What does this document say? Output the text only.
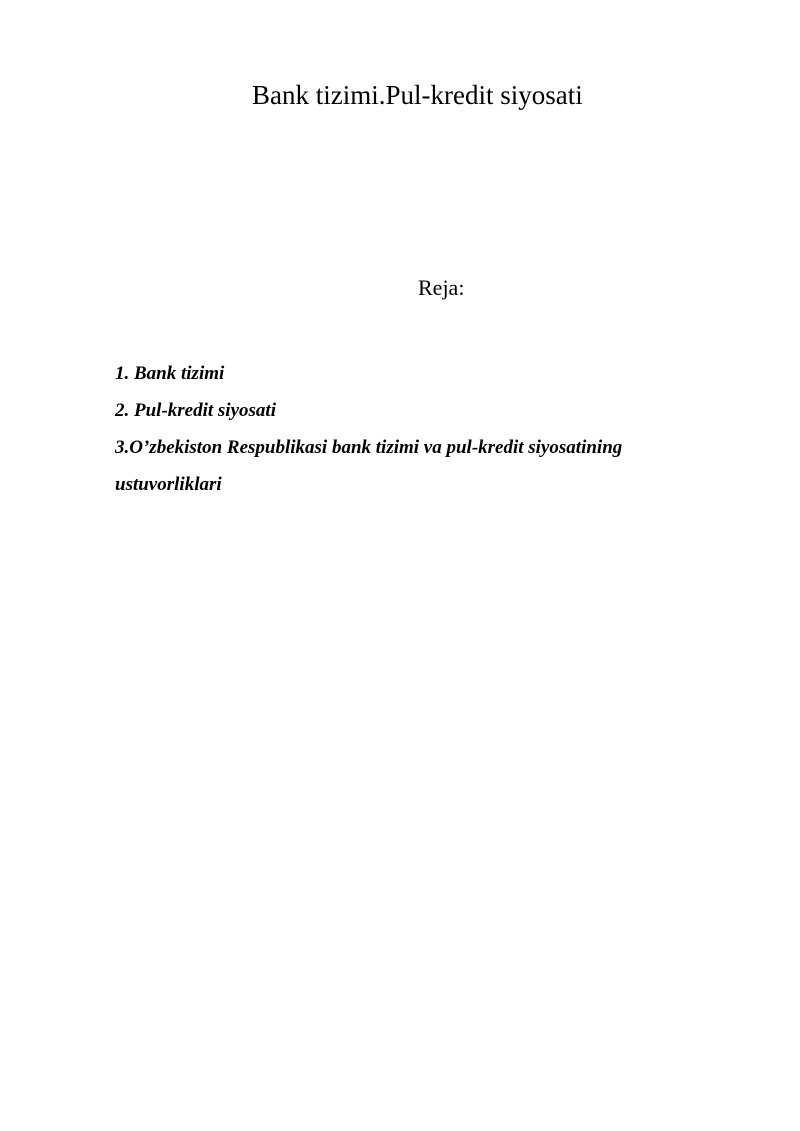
Bank tizimi.Pul-kredit siyosati
Reja:
1. Bank tizimi
2. Pul-kredit siyosati
3.O’zbekiston Respublikasi bank tizimi va pul-kredit siyosatining ustuvorliklari
